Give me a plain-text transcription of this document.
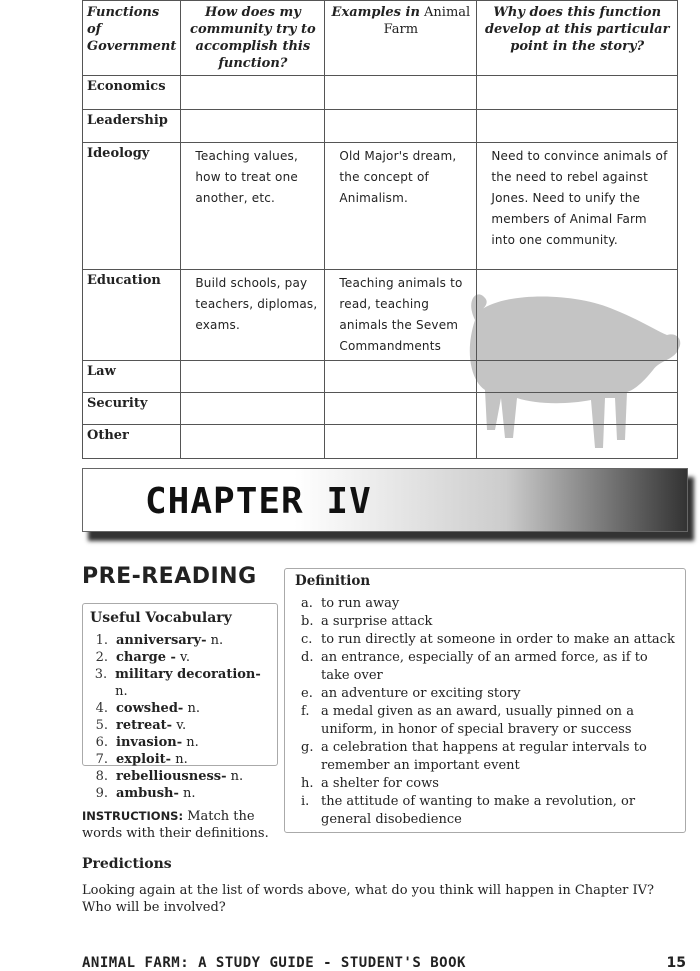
Functions of Government	How does my community try to accomplish this function?	Examples in Animal Farm	Why does this function develop at this particular point in the story?
Economics			
Leadership			
Ideology	Teaching values, how to treat one another, etc.	Old Major's dream, the concept of Animalism.	Need to convince animals of the need to rebel against Jones. Need to unify the members of Animal Farm into one community.
Education	Build schools, pay teachers, diplomas, exams.	Teaching animals to read, teaching animals the Sevem Commandments	
Law			
Security			
Other			
CHAPTER IV
PRE-READING
Useful Vocabulary
1. anniversary- n.
2. charge - v.
3. military decoration- n.
4. cowshed- n.
5. retreat- v.
6. invasion- n.
7. exploit- n.
8. rebelliousness- n.
9. ambush- n.
INSTRUCTIONS: Match the words with their definitions.
Definition
a. to run away
b. a surprise attack
c. to run directly at someone in order to make an attack
d. an entrance, especially of an armed force, as if to take over
e. an adventure or exciting story
f. a medal given as an award, usually pinned on a uniform, in honor of special bravery or success
g. a celebration that happens at regular intervals to remember an important event
h. a shelter for cows
i. the attitude of wanting to make a revolution, or general disobedience
Predictions
Looking again at the list of words above, what do you think will happen in Chapter IV? Who will be involved?
ANIMAL FARM: A STUDY GUIDE - STUDENT'S BOOK	15
